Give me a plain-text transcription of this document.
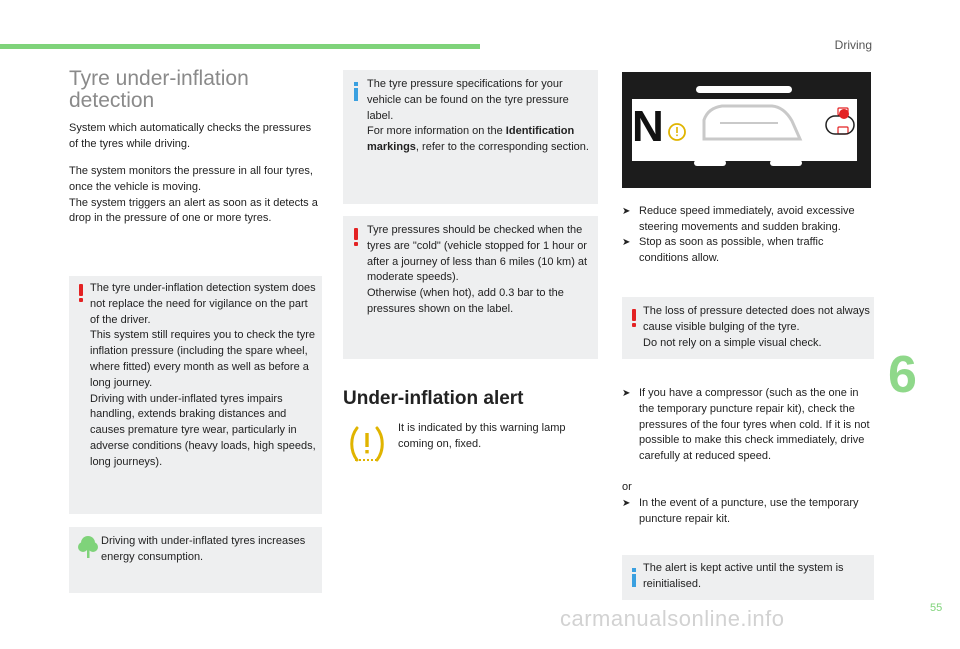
Driving
Tyre under-inflation detection
System which automatically checks the pressures of the tyres while driving.
The system monitors the pressure in all four tyres, once the vehicle is moving.
The system triggers an alert as soon as it detects a drop in the pressure of one or more tyres.
The tyre under-inflation detection system does not replace the need for vigilance on the part of the driver.
This system still requires you to check the tyre inflation pressure (including the spare wheel, where fitted) every month as well as before a long journey.
Driving with under-inflated tyres impairs handling, extends braking distances and causes premature tyre wear, particularly in adverse conditions (heavy loads, high speeds, long journeys).
Driving with under-inflated tyres increases energy consumption.
The tyre pressure specifications for your vehicle can be found on the tyre pressure label.
For more information on the Identification markings, refer to the corresponding section.
Tyre pressures should be checked when the tyres are "cold" (vehicle stopped for 1 hour or after a journey of less than 6 miles (10 km) at moderate speeds).
Otherwise (when hot), add 0.3 bar to the pressures shown on the label.
Under-inflation alert
It is indicated by this warning lamp coming on, fixed.
N
➤ Reduce speed immediately, avoid excessive steering movements and sudden braking.
➤ Stop as soon as possible, when traffic conditions allow.
The loss of pressure detected does not always cause visible bulging of the tyre.
Do not rely on a simple visual check.
➤ If you have a compressor (such as the one in the temporary puncture repair kit), check the pressures of the four tyres when cold. If it is not possible to make this check immediately, drive carefully at reduced speed.
or
➤ In the event of a puncture, use the temporary puncture repair kit.
The alert is kept active until the system is reinitialised.
6
55
carmanualsonline.info
